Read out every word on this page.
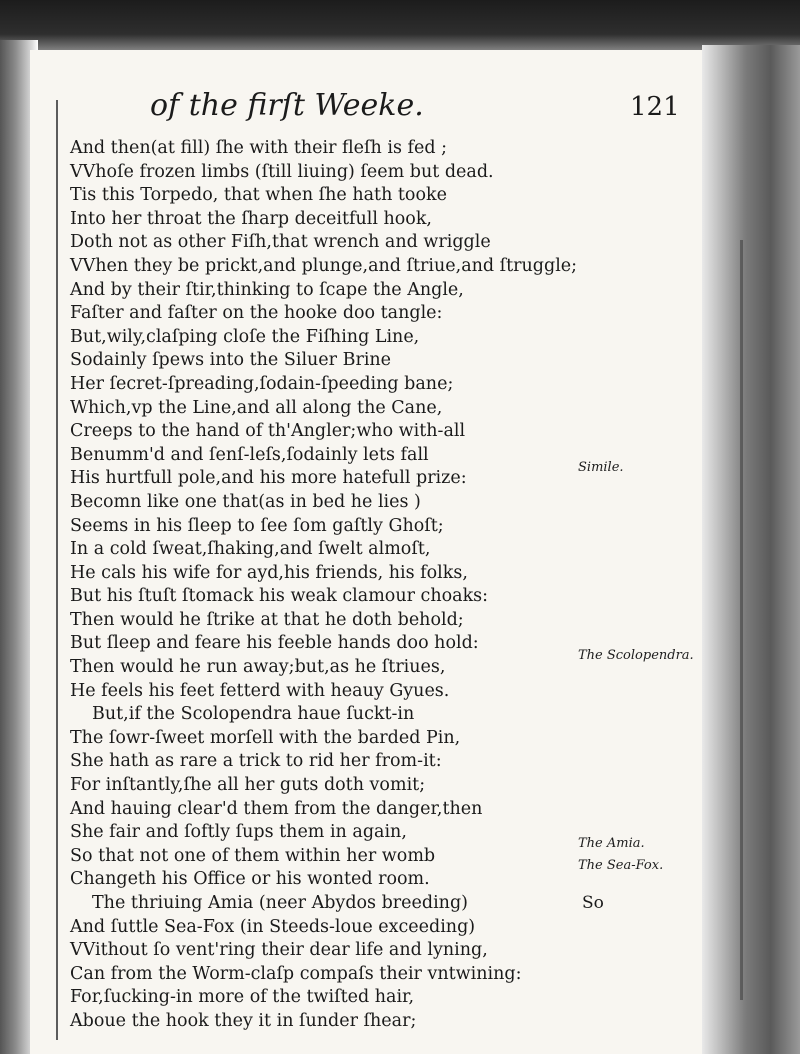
of the firſt Weeke.	121
And then(at fill) ſhe with their fleſh is fed ;
VVhoſe frozen limbs (ſtill liuing) ſeem but dead.
Tis this Torpedo, that when ſhe hath tooke
Into her throat the ſharp deceitfull hook,
Doth not as other Fiſh,that wrench and wriggle
VVhen they be prickt,and plunge,and ſtriue,and ſtruggle;
And by their ſtir,thinking to ſcape the Angle,
Faſter and faſter on the hooke doo tangle:
But,wily,claſping cloſe the Fiſhing Line,
Sodainly ſpews into the Siluer Brine
Her ſecret-ſpreading,ſodain-ſpeeding bane;
Which,vp the Line,and all along the Cane,
Creeps to the hand of th'Angler;who with-all
Benumm'd and ſenſ-leſs,ſodainly lets fall
His hurtfull pole,and his more hatefull prize:
Becomn like one that(as in bed he lies )
Seems in his ſleep to ſee ſom gaſtly Ghoſt;
In a cold ſweat,ſhaking,and ſwelt almoſt,
He cals his wife for ayd,his friends, his folks,
But his ſtuſt ſtomack his weak clamour choaks:
Then would he ſtrike at that he doth behold;
But ſleep and feare his feeble hands doo hold:
Then would he run away;but,as he ſtriues,
He feels his feet fetterd with heauy Gyues.
But,if the Scolopendra haue ſuckt-in
The ſowr-ſweet morſell with the barded Pin,
She hath as rare a trick to rid her from-it:
For inſtantly,ſhe all her guts doth vomit;
And hauing clear'd them from the danger,then
She fair and ſoftly ſups them in again,
So that not one of them within her womb
Changeth his Office or his wonted room.
The thriuing Amia (neer Abydos breeding)
And ſuttle Sea-Fox (in Steeds-loue exceeding)
VVithout ſo vent'ring their dear life and lyning,
Can from the Worm-claſp compaſs their vntwining:
For,ſucking-in more of the twiſted hair,
Aboue the hook they it in ſunder ſhear;
Simile.
The Scolopendra.
The Amia.
The Sea-Fox.
So
